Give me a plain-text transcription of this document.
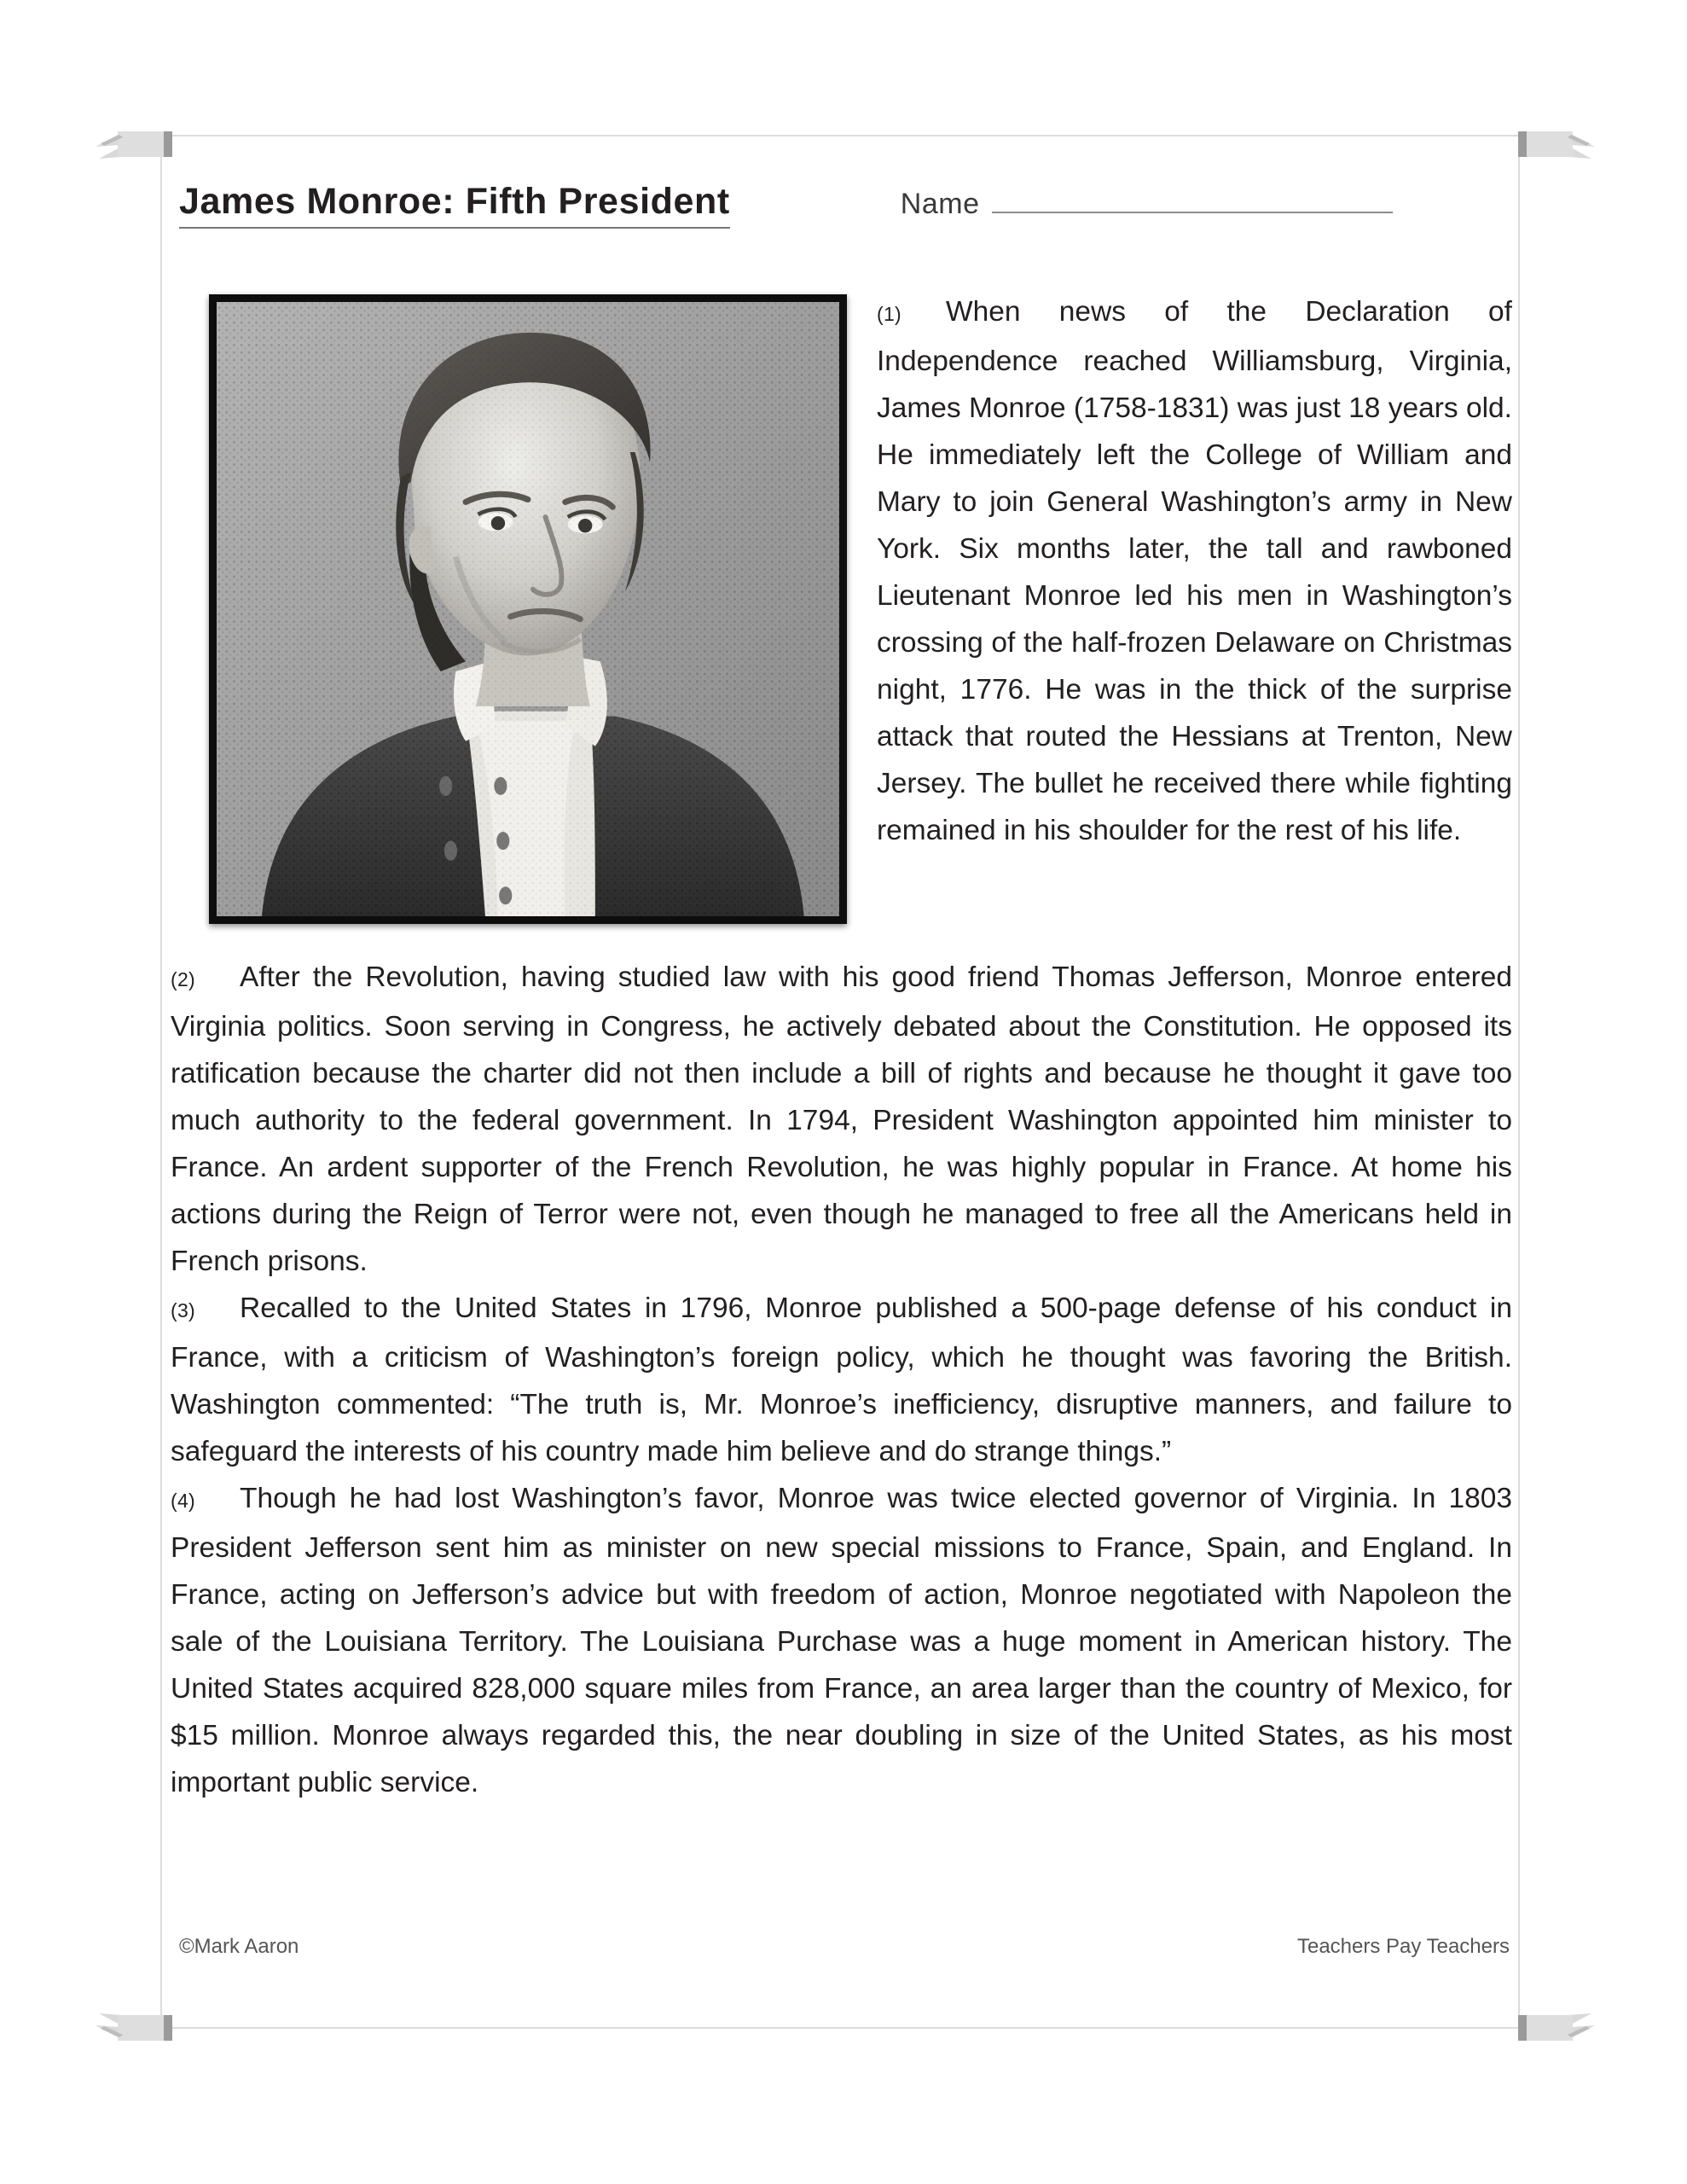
James Monroe: Fifth President	Name

(1) When news of the Declaration of Independence reached Williamsburg, Virginia, James Monroe (1758-1831) was just 18 years old. He immediately left the College of William and Mary to join General Washington’s army in New York. Six months later, the tall and rawboned Lieutenant Monroe led his men in Washington’s crossing of the half-frozen Delaware on Christmas night, 1776. He was in the thick of the surprise attack that routed the Hessians at Trenton, New Jersey. The bullet he received there while fighting remained in his shoulder for the rest of his life.

(2) After the Revolution, having studied law with his good friend Thomas Jefferson, Monroe entered Virginia politics. Soon serving in Congress, he actively debated about the Constitution. He opposed its ratification because the charter did not then include a bill of rights and because he thought it gave too much authority to the federal government. In 1794, President Washington appointed him minister to France. An ardent supporter of the French Revolution, he was highly popular in France. At home his actions during the Reign of Terror were not, even though he managed to free all the Americans held in French prisons.

(3) Recalled to the United States in 1796, Monroe published a 500-page defense of his conduct in France, with a criticism of Washington’s foreign policy, which he thought was favoring the British. Washington commented: “The truth is, Mr. Monroe’s inefficiency, disruptive manners, and failure to safeguard the interests of his country made him believe and do strange things.”

(4) Though he had lost Washington’s favor, Monroe was twice elected governor of Virginia. In 1803 President Jefferson sent him as minister on new special missions to France, Spain, and England. In France, acting on Jefferson’s advice but with freedom of action, Monroe negotiated with Napoleon the sale of the Louisiana Territory. The Louisiana Purchase was a huge moment in American history. The United States acquired 828,000 square miles from France, an area larger than the country of Mexico, for $15 million. Monroe always regarded this, the near doubling in size of the United States, as his most important public service.

©Mark Aaron	Teachers Pay Teachers
